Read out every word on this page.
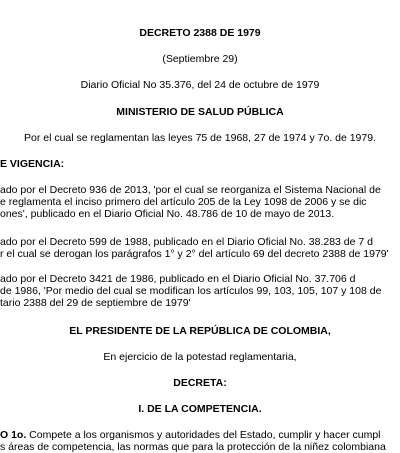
DECRETO 2388 DE 1979
(Septiembre 29)
Diario Oficial No 35.376, del 24 de octubre de 1979
MINISTERIO DE SALUD PÚBLICA
Por el cual se reglamentan las leyes 75 de 1968, 27 de 1974 y 7o. de 1979.
E VIGENCIA:
ado por el Decreto 936 de 2013, 'por el cual se reorganiza el Sistema Nacional de
e reglamenta el inciso primero del artículo 205 de la Ley 1098 de 2006 y se dic
ones', publicado en el Diario Oficial No. 48.786 de 10 de mayo de 2013.
ado por el Decreto 599 de 1988, publicado en el Diario Oficial No. 38.283 de 7 d
r el cual se derogan los parágrafos 1° y 2° del artículo 69 del decreto 2388 de 1979'
ado por el Decreto 3421 de 1986, publicado en el Diario Oficial No. 37.706 d
de 1986, 'Por medio del cual se modifican los artículos 99, 103, 105, 107 y 108 de
tario 2388 del 29 de septiembre de 1979'
EL PRESIDENTE DE LA REPÚBLICA DE COLOMBIA,
En ejercicio de la potestad reglamentaria,
DECRETA:
I. DE LA COMPETENCIA.
O 1o. Compete a los organismos y autoridades del Estado, cumplir y hacer cumpl
s áreas de competencia, las normas que para la protección de la niñez colombiana
